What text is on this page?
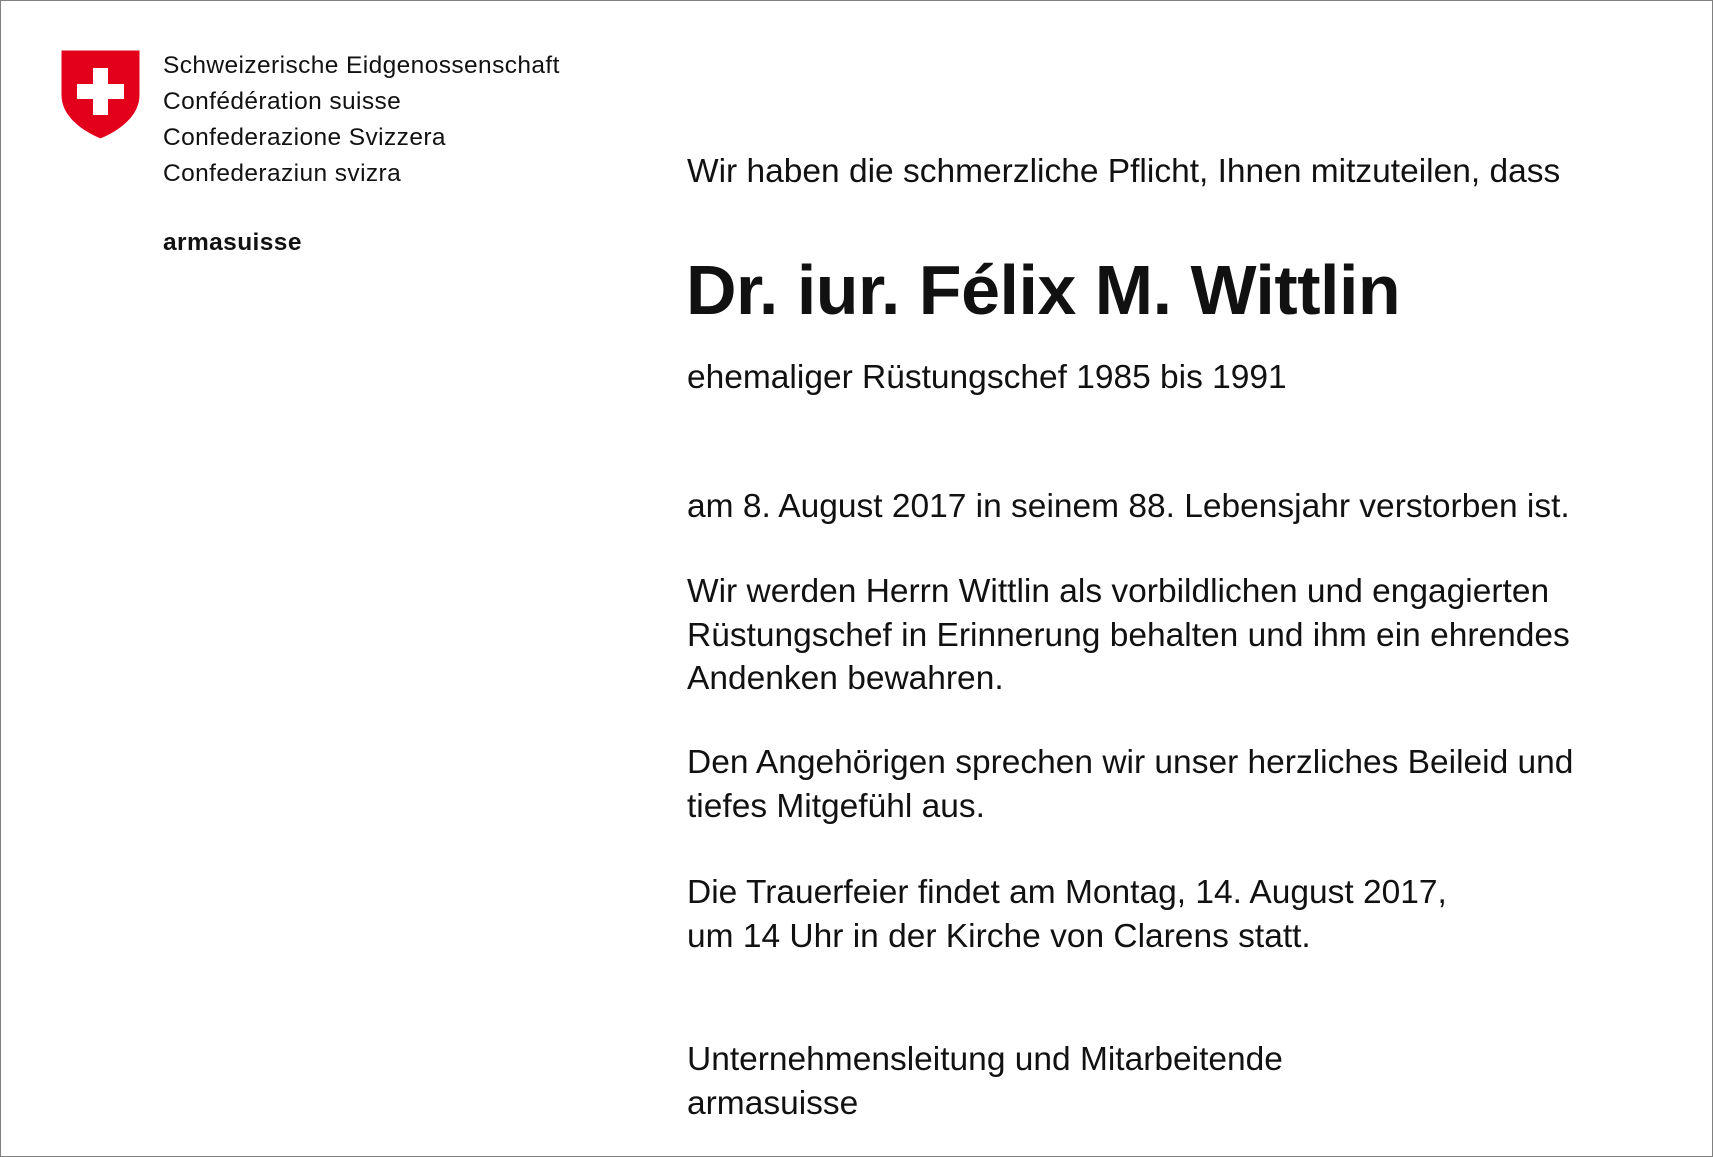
Schweizerische Eidgenossenschaft
Confédération suisse
Confederazione Svizzera
Confederaziun svizra
armasuisse
Wir haben die schmerzliche Pflicht, Ihnen mitzuteilen, dass
Dr. iur. Félix M. Wittlin
ehemaliger Rüstungschef 1985 bis 1991
am 8. August 2017 in seinem 88. Lebensjahr verstorben ist.
Wir werden Herrn Wittlin als vorbildlichen und engagierten
Rüstungschef in Erinnerung behalten und ihm ein ehrendes
Andenken bewahren.
Den Angehörigen sprechen wir unser herzliches Beileid und
tiefes Mitgefühl aus.
Die Trauerfeier findet am Montag, 14. August 2017,
um 14 Uhr in der Kirche von Clarens statt.
Unternehmensleitung und Mitarbeitende
armasuisse
